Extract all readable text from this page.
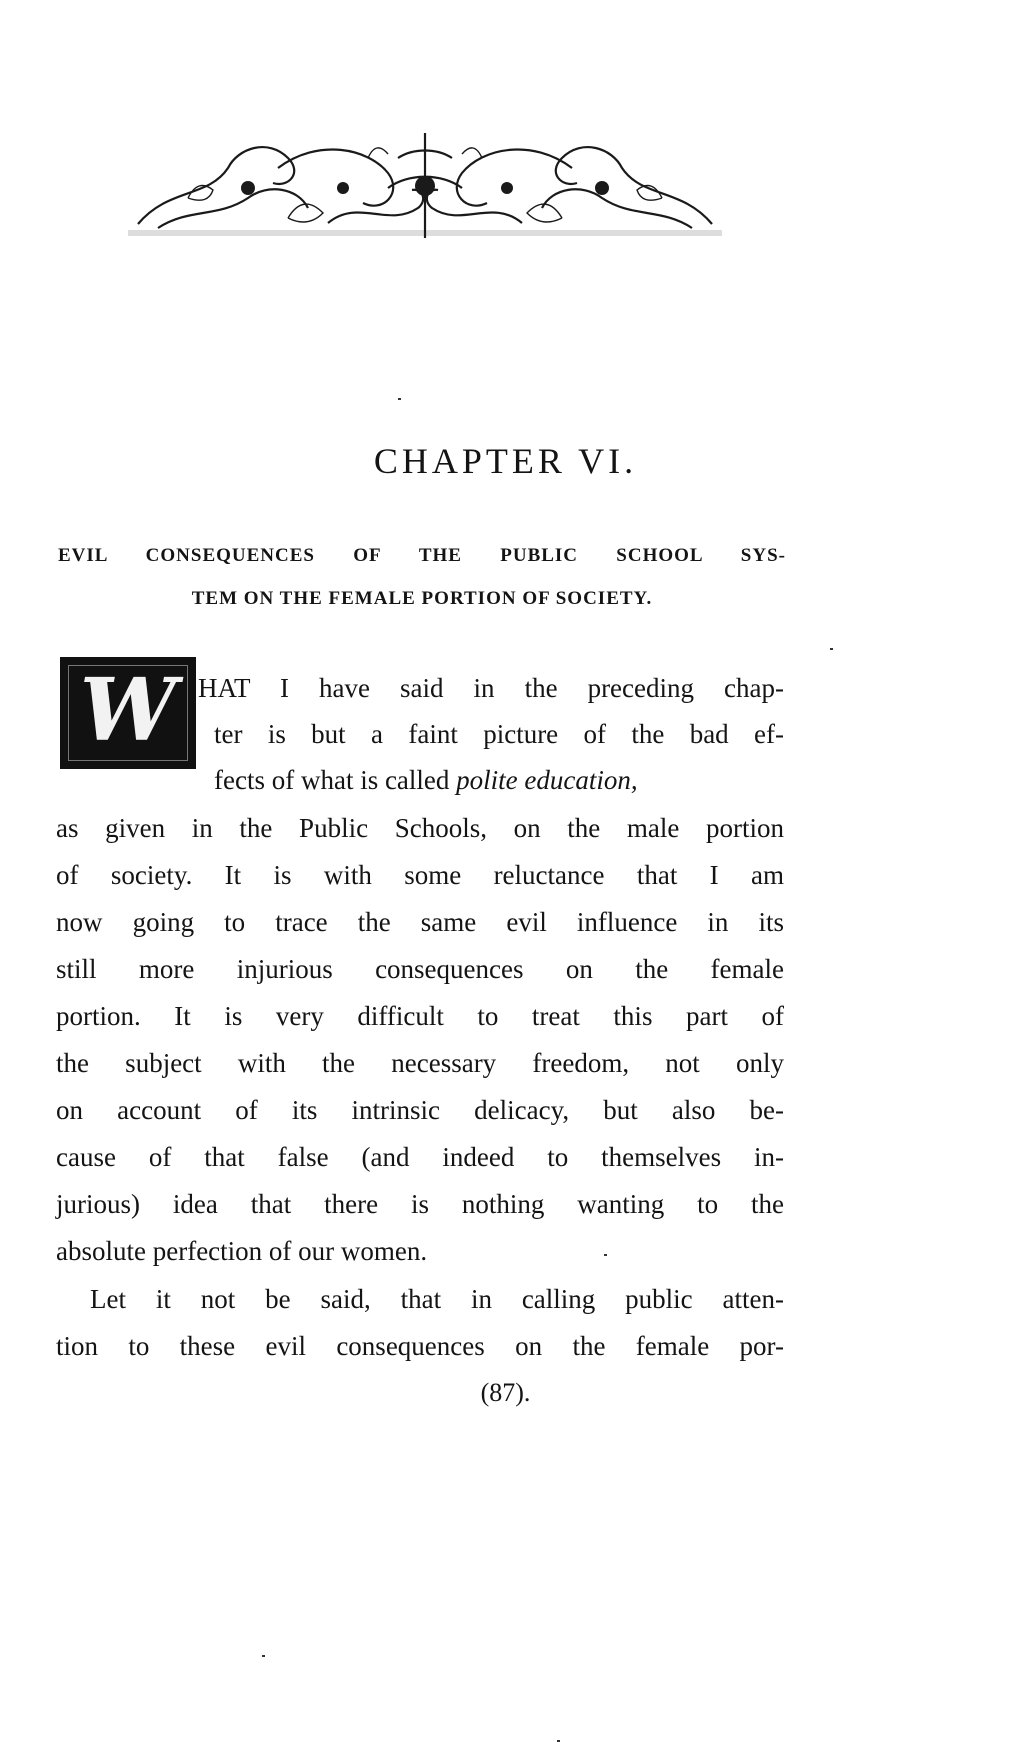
CHAPTER VI.
EVIL CONSEQUENCES OF THE PUBLIC SCHOOL SYS-
TEM ON THE FEMALE PORTION OF SOCIETY.
W HAT I have said in the preceding chap-
ter is but a faint picture of the bad ef-
fects of what is called polite education,
as given in the Public Schools, on the male portion
of society. It is with some reluctance that I am
now going to trace the same evil influence in its
still more injurious consequences on the female
portion. It is very difficult to treat this part of
the subject with the necessary freedom, not only
on account of its intrinsic delicacy, but also be-
cause of that false (and indeed to themselves in-
jurious) idea that there is nothing wanting to the
absolute perfection of our women.
Let it not be said, that in calling public atten-
tion to these evil consequences on the female por-
(87).
